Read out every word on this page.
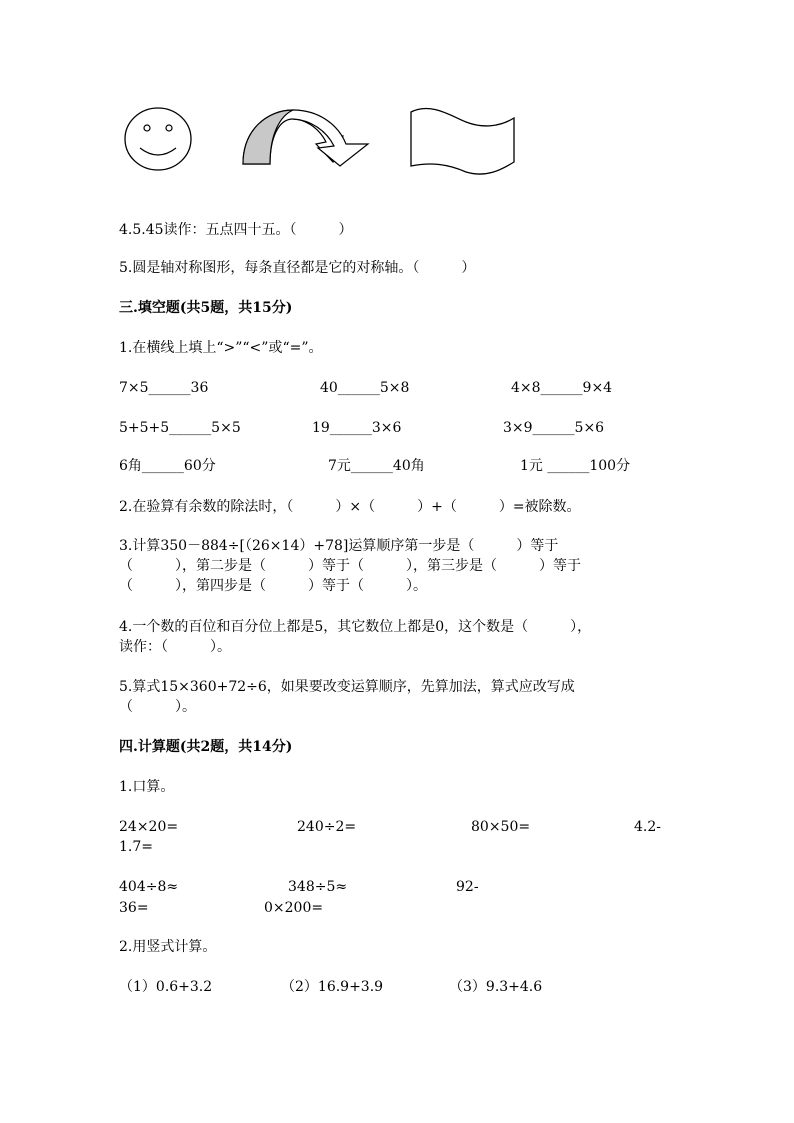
4.5.45读作：五点四十五。（　　　）
5.圆是轴对称图形，每条直径都是它的对称轴。（　　　）
三.填空题(共5题，共15分)
1.在横线上填上“>”“<”或“=”。
7×5______36	40______5×8	4×8______9×4
5+5+5______5×5	19______3×6	3×9______5×6
6角______60分	7元______40角	1元 ______100分
2.在验算有余数的除法时，（　　　）×（　　　）+（　　　）=被除数。
3.计算350－884÷[（26×14）+78]运算顺序第一步是（　　　）等于
（　　　），第二步是（　　　）等于（　　　），第三步是（　　　）等于
（　　　），第四步是（　　　）等于（　　　）。
4.一个数的百位和百分位上都是5，其它数位上都是0，这个数是（　　　），
读作：（　　　）。
5.算式15×360+72÷6，如果要改变运算顺序，先算加法，算式应改写成
（　　　）。
四.计算题(共2题，共14分)
1.口算。
24×20=	240÷2=	80×50=	4.2-
1.7=
404÷8≈	348÷5≈	92-
36=	0×200=
2.用竖式计算。
（1）0.6+3.2	（2）16.9+3.9	（3）9.3+4.6
